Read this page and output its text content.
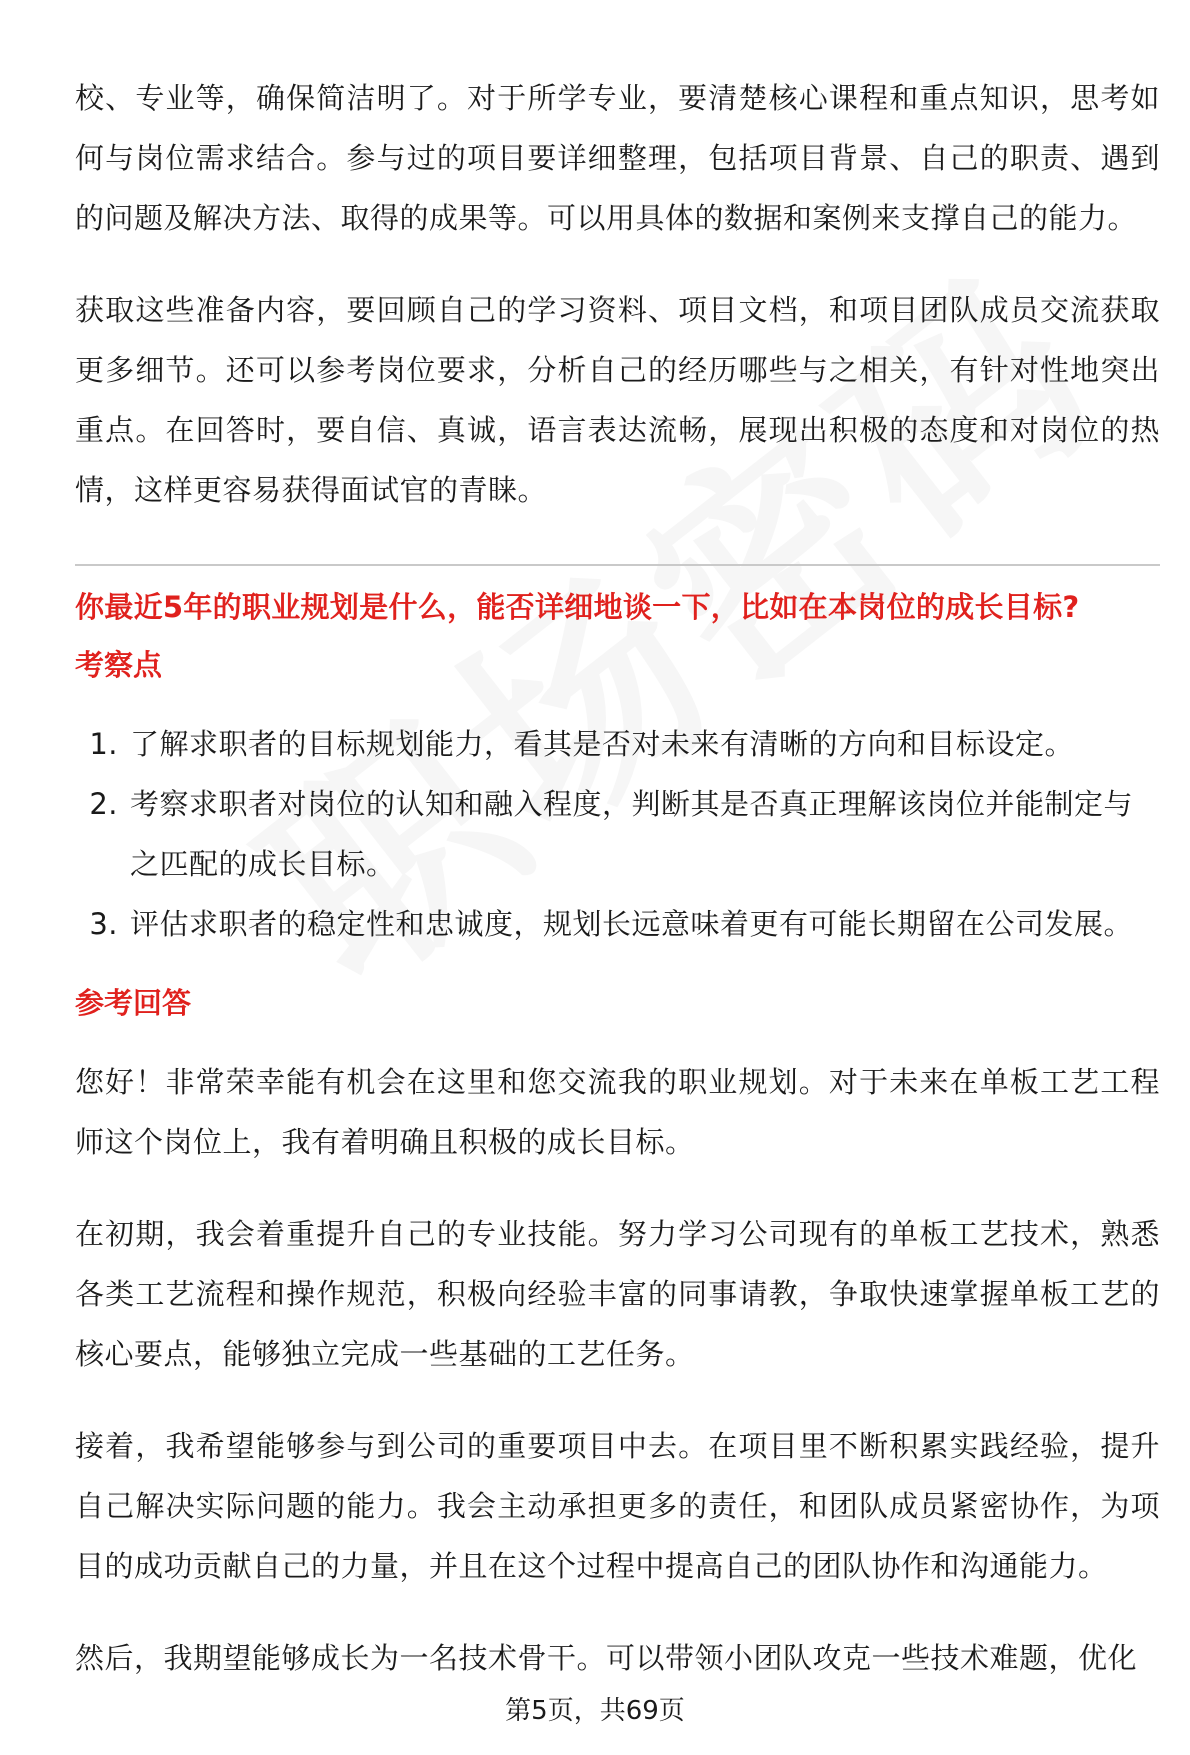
校、专业等，确保简洁明了。对于所学专业，要清楚核心课程和重点知识，思考如何与岗位需求结合。参与过的项目要详细整理，包括项目背景、自己的职责、遇到的问题及解决方法、取得的成果等。可以用具体的数据和案例来支撑自己的能力。

获取这些准备内容，要回顾自己的学习资料、项目文档，和项目团队成员交流获取更多细节。还可以参考岗位要求，分析自己的经历哪些与之相关，有针对性地突出重点。在回答时，要自信、真诚，语言表达流畅，展现出积极的态度和对岗位的热情，这样更容易获得面试官的青睐。

你最近5年的职业规划是什么，能否详细地谈一下，比如在本岗位的成长目标?

考察点

1. 了解求职者的目标规划能力，看其是否对未来有清晰的方向和目标设定。
2. 考察求职者对岗位的认知和融入程度，判断其是否真正理解该岗位并能制定与之匹配的成长目标。
3. 评估求职者的稳定性和忠诚度，规划长远意味着更有可能长期留在公司发展。

参考回答

您好！非常荣幸能有机会在这里和您交流我的职业规划。对于未来在单板工艺工程师这个岗位上，我有着明确且积极的成长目标。

在初期，我会着重提升自己的专业技能。努力学习公司现有的单板工艺技术，熟悉各类工艺流程和操作规范，积极向经验丰富的同事请教，争取快速掌握单板工艺的核心要点，能够独立完成一些基础的工艺任务。

接着，我希望能够参与到公司的重要项目中去。在项目里不断积累实践经验，提升自己解决实际问题的能力。我会主动承担更多的责任，和团队成员紧密协作，为项目的成功贡献自己的力量，并且在这个过程中提高自己的团队协作和沟通能力。

然后，我期望能够成长为一名技术骨干。可以带领小团队攻克一些技术难题，优化

第5页，共69页
